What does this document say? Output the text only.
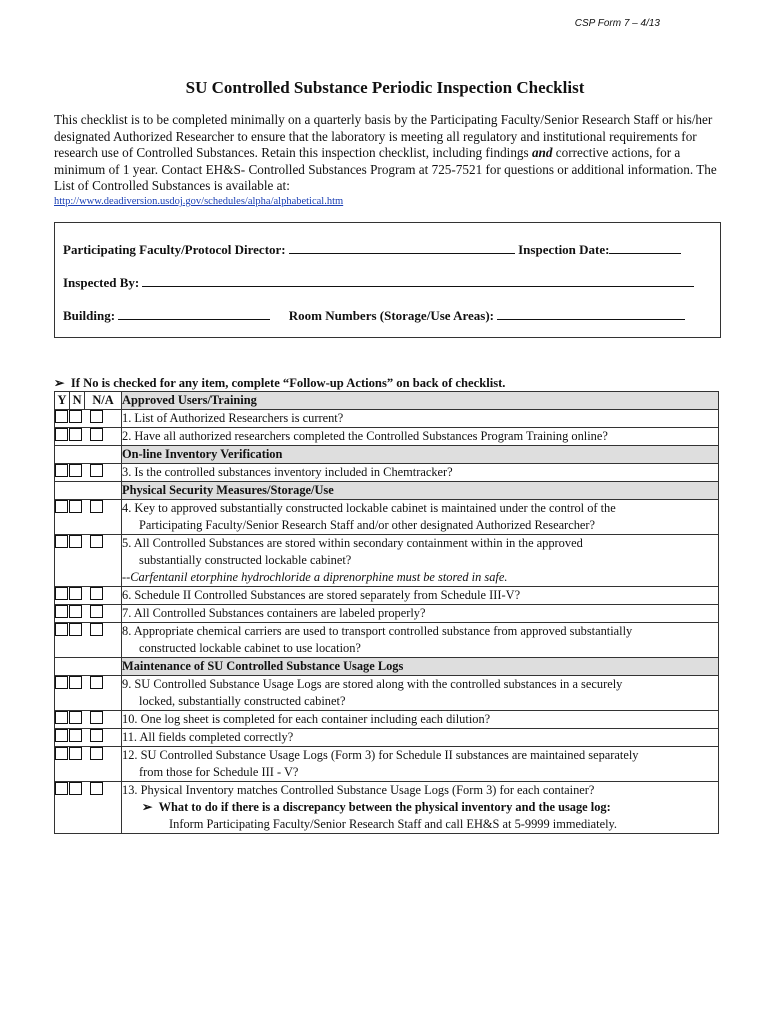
CSP Form 7 – 4/13
SU Controlled Substance Periodic Inspection Checklist
This checklist is to be completed minimally on a quarterly basis by the Participating Faculty/Senior Research Staff or his/her designated Authorized Researcher to ensure that the laboratory is meeting all regulatory and institutional requirements for research use of Controlled Substances. Retain this inspection checklist, including findings and corrective actions, for a minimum of 1 year. Contact EH&S- Controlled Substances Program at 725-7521 for questions or additional information. The List of Controlled Substances is available at:
http://www.deadiversion.usdoj.gov/schedules/alpha/alphabetical.htm
Participating Faculty/Protocol Director:	Inspection Date:
Inspected By:
Building:	Room Numbers (Storage/Use Areas):
➢ If No is checked for any item, complete “Follow-up Actions” on back of checklist.
Y	N	N/A	Approved Users/Training
			1. List of Authorized Researchers is current?
			2. Have all authorized researchers completed the Controlled Substances Program Training online?
			On-line Inventory Verification
			3. Is the controlled substances inventory included in Chemtracker?
			Physical Security Measures/Storage/Use
			4. Key to approved substantially constructed lockable cabinet is maintained under the control of the
Participating Faculty/Senior Research Staff and/or other designated Authorized Researcher?

			5. All Controlled Substances are stored within secondary containment within in the approved
substantially constructed lockable cabinet?
--Carfentanil etorphine hydrochloride a diprenorphine must be stored in safe.

			6. Schedule II Controlled Substances are stored separately from Schedule III-V?
			7. All Controlled Substances containers are labeled properly?
			8. Appropriate chemical carriers are used to transport controlled substance from approved substantially
constructed lockable cabinet to use location?

			Maintenance of SU Controlled Substance Usage Logs
			9. SU Controlled Substance Usage Logs are stored along with the controlled substances in a securely
locked, substantially constructed cabinet?

			10. One log sheet is completed for each container including each dilution?
			11. All fields completed correctly?
			12. SU Controlled Substance Usage Logs (Form 3) for Schedule II substances are maintained separately
from those for Schedule III - V?

			13. Physical Inventory matches Controlled Substance Usage Logs (Form 3) for each container?
➢ What to do if there is a discrepancy between the physical inventory and the usage log:
Inform Participating Faculty/Senior Research Staff and call EH&S at 5-9999 immediately.
